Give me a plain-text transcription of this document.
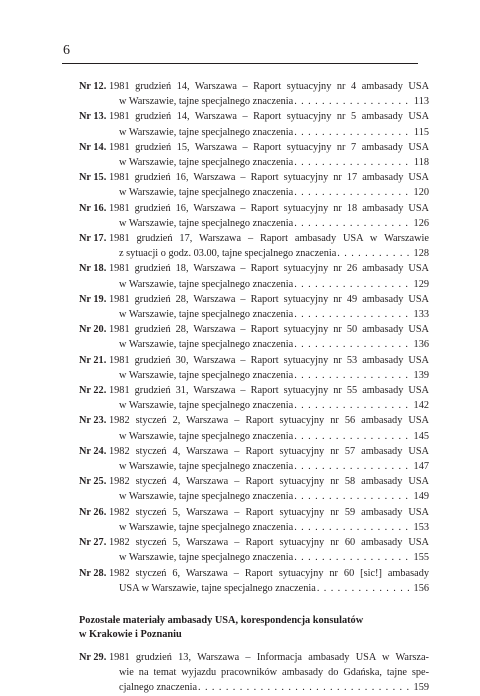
6
Nr 12. 1981 grudzień 14, Warszawa – Raport sytuacyjny nr 4 ambasady USA
w Warszawie, tajne specjalnego znaczenia . . .	113
Nr 13. 1981 grudzień 14, Warszawa – Raport sytuacyjny nr 5 ambasady USA
w Warszawie, tajne specjalnego znaczenia . . .	115
Nr 14. 1981 grudzień 15, Warszawa – Raport sytuacyjny nr 7 ambasady USA
w Warszawie, tajne specjalnego znaczenia . . .	118
Nr 15. 1981 grudzień 16, Warszawa – Raport sytuacyjny nr 17 ambasady USA
w Warszawie, tajne specjalnego znaczenia . . .	120
Nr 16. 1981 grudzień 16, Warszawa – Raport sytuacyjny nr 18 ambasady USA
w Warszawie, tajne specjalnego znaczenia . . .	126
Nr 17. 1981 grudzień 17, Warszawa – Raport ambasady USA w Warszawie
z sytuacji o godz. 03.00, tajne specjalnego znaczenia . . .	128
Nr 18. 1981 grudzień 18, Warszawa – Raport sytuacyjny nr 26 ambasady USA
w Warszawie, tajne specjalnego znaczenia . . .	129
Nr 19. 1981 grudzień 28, Warszawa – Raport sytuacyjny nr 49 ambasady USA
w Warszawie, tajne specjalnego znaczenia . . .	133
Nr 20. 1981 grudzień 28, Warszawa – Raport sytuacyjny nr 50 ambasady USA
w Warszawie, tajne specjalnego znaczenia . . .	136
Nr 21. 1981 grudzień 30, Warszawa – Raport sytuacyjny nr 53 ambasady USA
w Warszawie, tajne specjalnego znaczenia . . .	139
Nr 22. 1981 grudzień 31, Warszawa – Raport sytuacyjny nr 55 ambasady USA
w Warszawie, tajne specjalnego znaczenia . . .	142
Nr 23. 1982 styczeń 2, Warszawa – Raport sytuacyjny nr 56 ambasady USA
w Warszawie, tajne specjalnego znaczenia . . .	145
Nr 24. 1982 styczeń 4, Warszawa – Raport sytuacyjny nr 57 ambasady USA
w Warszawie, tajne specjalnego znaczenia . . .	147
Nr 25. 1982 styczeń 4, Warszawa – Raport sytuacyjny nr 58 ambasady USA
w Warszawie, tajne specjalnego znaczenia . . .	149
Nr 26. 1982 styczeń 5, Warszawa – Raport sytuacyjny nr 59 ambasady USA
w Warszawie, tajne specjalnego znaczenia . . .	153
Nr 27. 1982 styczeń 5, Warszawa – Raport sytuacyjny nr 60 ambasady USA
w Warszawie, tajne specjalnego znaczenia . . .	155
Nr 28. 1982 styczeń 6, Warszawa – Raport sytuacyjny nr 60 [sic!] ambasady
USA w Warszawie, tajne specjalnego znaczenia . . .	156
Pozostałe materiały ambasady USA, korespondencja konsulatów
w Krakowie i Poznaniu
Nr 29. 1981 grudzień 13, Warszawa – Informacja ambasady USA w Warsza-
wie na temat wyjazdu pracowników ambasady do Gdańska, tajne spe-
cjalnego znaczenia . . .	159
